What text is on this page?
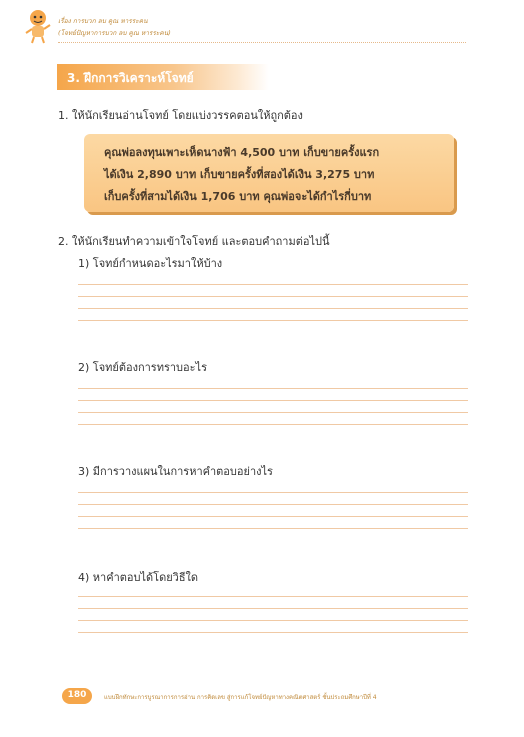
เรื่อง การบวก ลบ คูณ หารระคน
(โจทย์ปัญหาการบวก ลบ คูณ หารระคน)
3. ฝึกการวิเคราะห์โจทย์
1. ให้นักเรียนอ่านโจทย์ โดยแบ่งวรรคตอนให้ถูกต้อง
คุณพ่อลงทุนเพาะเห็ดนางฟ้า 4,500 บาท เก็บขายครั้งแรก
ได้เงิน 2,890 บาท เก็บขายครั้งที่สองได้เงิน 3,275 บาท
เก็บครั้งที่สามได้เงิน 1,706 บาท คุณพ่อจะได้กำไรกี่บาท
2. ให้นักเรียนทำความเข้าใจโจทย์ และตอบคำถามต่อไปนี้
1) โจทย์กำหนดอะไรมาให้บ้าง
2) โจทย์ต้องการทราบอะไร
3) มีการวางแผนในการหาคำตอบอย่างไร
4) หาคำตอบได้โดยวิธีใด
180	แบบฝึกทักษะการบูรณาการการอ่าน การคิดเลข สู่การแก้โจทย์ปัญหาทางคณิตศาสตร์ ชั้นประถมศึกษาปีที่ 4
